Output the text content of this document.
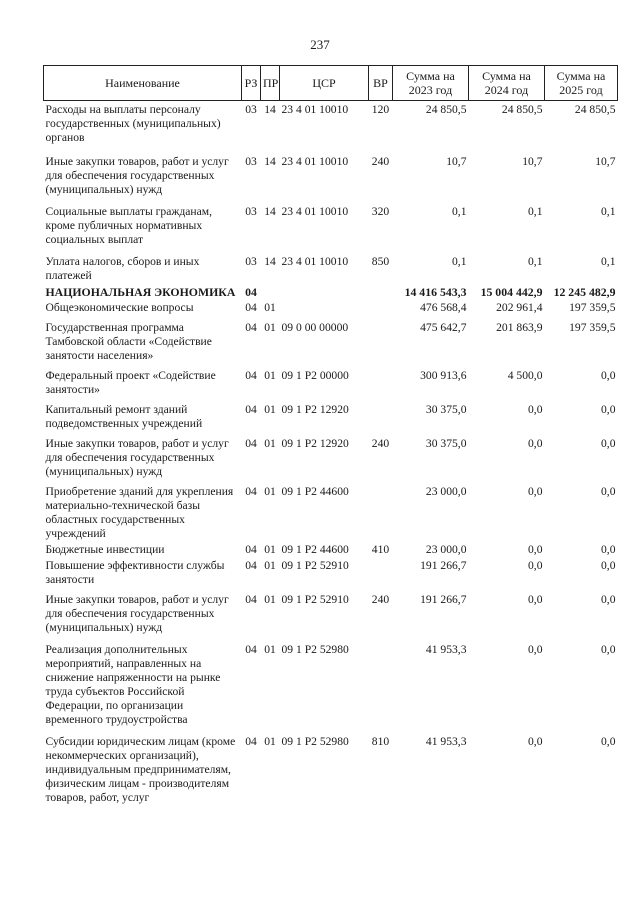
237
Наименование	РЗ	ПР	ЦСР	ВР	Сумма на 2023 год	Сумма на 2024 год	Сумма на 2025 год
Расходы на выплаты персоналу государственных (муниципальных) органов	03	14	23 4 01 10010	120	24 850,5	24 850,5	24 850,5
Иные закупки товаров, работ и услуг для обеспечения государственных (муниципальных) нужд	03	14	23 4 01 10010	240	10,7	10,7	10,7
Социальные выплаты гражданам, кроме публичных нормативных социальных выплат	03	14	23 4 01 10010	320	0,1	0,1	0,1
Уплата налогов, сборов и иных платежей	03	14	23 4 01 10010	850	0,1	0,1	0,1
НАЦИОНАЛЬНАЯ ЭКОНОМИКА	04				14 416 543,3	15 004 442,9	12 245 482,9
Общеэкономические вопросы	04	01			476 568,4	202 961,4	197 359,5
Государственная программа Тамбовской области «Содействие занятости населения»	04	01	09 0 00 00000		475 642,7	201 863,9	197 359,5
Федеральный проект «Содействие занятости»	04	01	09 1 P2 00000		300 913,6	4 500,0	0,0
Капитальный ремонт зданий подведомственных учреждений	04	01	09 1 P2 12920		30 375,0	0,0	0,0
Иные закупки товаров, работ и услуг для обеспечения государственных (муниципальных) нужд	04	01	09 1 P2 12920	240	30 375,0	0,0	0,0
Приобретение зданий для укрепления материально-технической базы областных государственных учреждений	04	01	09 1 P2 44600		23 000,0	0,0	0,0
Бюджетные инвестиции	04	01	09 1 P2 44600	410	23 000,0	0,0	0,0
Повышение эффективности службы занятости	04	01	09 1 P2 52910		191 266,7	0,0	0,0
Иные закупки товаров, работ и услуг для обеспечения государственных (муниципальных) нужд	04	01	09 1 P2 52910	240	191 266,7	0,0	0,0
Реализация дополнительных мероприятий, направленных на снижение напряженности на рынке труда субъектов Российской Федерации, по организации временного трудоустройства	04	01	09 1 P2 52980		41 953,3	0,0	0,0
Субсидии юридическим лицам (кроме некоммерческих организаций), индивидуальным предпринимателям, физическим лицам - производителям товаров, работ, услуг	04	01	09 1 P2 52980	810	41 953,3	0,0	0,0
